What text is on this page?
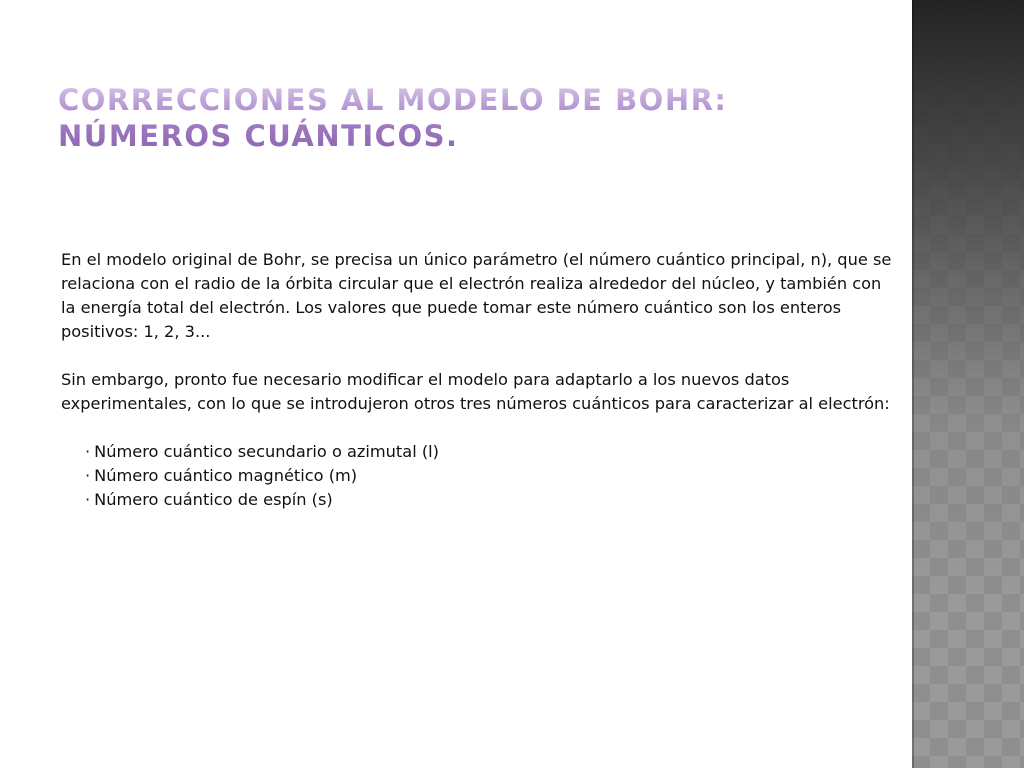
CORRECCIONES AL MODELO DE BOHR:
NÚMEROS CUÁNTICOS.

En el modelo original de Bohr, se precisa un único parámetro (el número cuántico principal, n), que se relaciona con el radio de la órbita circular que el electrón realiza alrededor del núcleo, y también con la energía total del electrón. Los valores que puede tomar este número cuántico son los enteros positivos: 1, 2, 3...

Sin embargo, pronto fue necesario modificar el modelo para adaptarlo a los nuevos datos experimentales, con lo que se introdujeron otros tres números cuánticos para caracterizar al electrón:

· Número cuántico secundario o azimutal (l)
· Número cuántico magnético (m)
· Número cuántico de espín (s)
